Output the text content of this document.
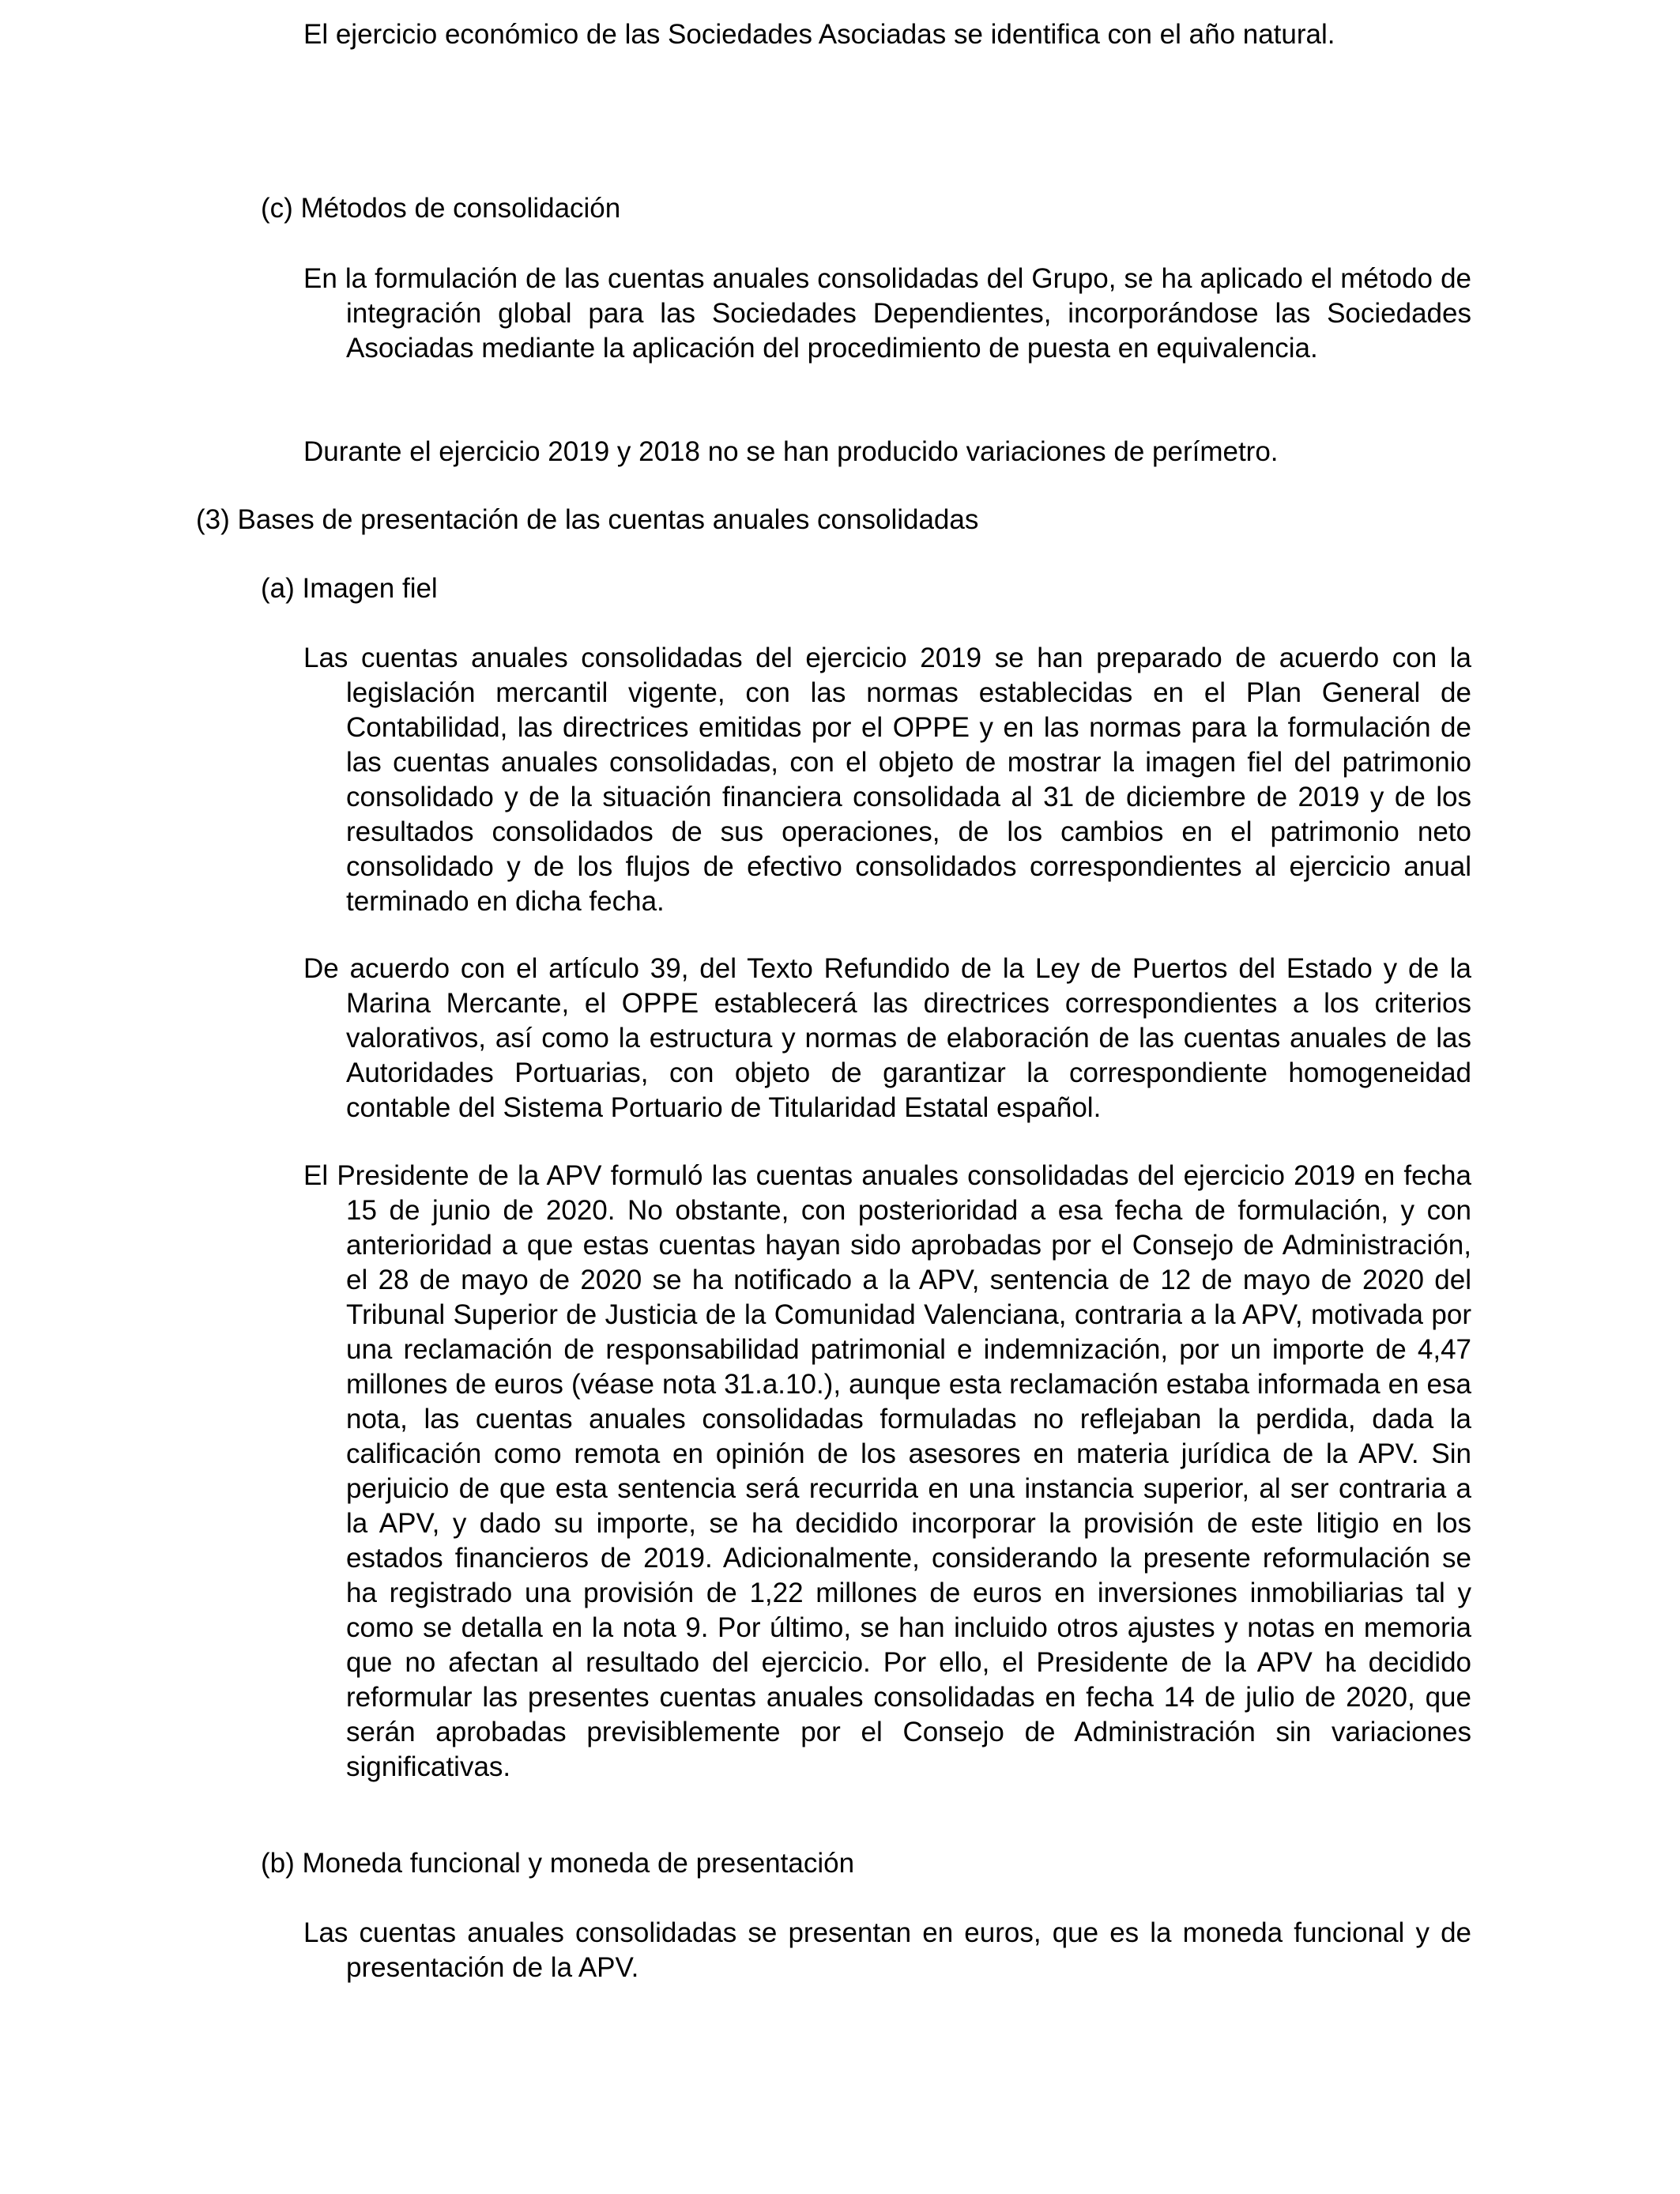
El ejercicio económico de las Sociedades Asociadas se identifica con el año natural.

(c) Métodos de consolidación

En la formulación de las cuentas anuales consolidadas del Grupo, se ha aplicado el método de integración global para las Sociedades Dependientes, incorporándose las Sociedades Asociadas mediante la aplicación del procedimiento de puesta en equivalencia.

Durante el ejercicio 2019 y 2018 no se han producido variaciones de perímetro.

(3) Bases de presentación de las cuentas anuales consolidadas

(a) Imagen fiel

Las cuentas anuales consolidadas del ejercicio 2019 se han preparado de acuerdo con la legislación mercantil vigente, con las normas establecidas en el Plan General de Contabilidad, las directrices emitidas por el OPPE y en las normas para la formulación de las cuentas anuales consolidadas, con el objeto de mostrar la imagen fiel del patrimonio consolidado y de la situación financiera consolidada al 31 de diciembre de 2019 y de los resultados consolidados de sus operaciones, de los cambios en el patrimonio neto consolidado y de los flujos de efectivo consolidados correspondientes al ejercicio anual terminado en dicha fecha.

De acuerdo con el artículo 39, del Texto Refundido de la Ley de Puertos del Estado y de la Marina Mercante, el OPPE establecerá las directrices correspondientes a los criterios valorativos, así como la estructura y normas de elaboración de las cuentas anuales de las Autoridades Portuarias, con objeto de garantizar la correspondiente homogeneidad contable del Sistema Portuario de Titularidad Estatal español.

El Presidente de la APV formuló las cuentas anuales consolidadas del ejercicio 2019 en fecha 15 de junio de 2020. No obstante, con posterioridad a esa fecha de formulación, y con anterioridad a que estas cuentas hayan sido aprobadas por el Consejo de Administración, el 28 de mayo de 2020 se ha notificado a la APV, sentencia de 12 de mayo de 2020 del Tribunal Superior de Justicia de la Comunidad Valenciana, contraria a la APV, motivada por una reclamación de responsabilidad patrimonial e indemnización, por un importe de 4,47 millones de euros (véase nota 31.a.10.), aunque esta reclamación estaba informada en esa nota, las cuentas anuales consolidadas formuladas no reflejaban la perdida, dada la calificación como remota en opinión de los asesores en materia jurídica de la APV. Sin perjuicio de que esta sentencia será recurrida en una instancia superior, al ser contraria a la APV, y dado su importe, se ha decidido incorporar la provisión de este litigio en los estados financieros de 2019. Adicionalmente, considerando la presente reformulación se ha registrado una provisión de 1,22 millones de euros en inversiones inmobiliarias tal y como se detalla en la nota 9. Por último, se han incluido otros ajustes y notas en memoria que no afectan al resultado del ejercicio. Por ello, el Presidente de la APV ha decidido reformular las presentes cuentas anuales consolidadas en fecha 14 de julio de 2020, que serán aprobadas previsiblemente por el Consejo de Administración sin variaciones significativas.

(b) Moneda funcional y moneda de presentación

Las cuentas anuales consolidadas se presentan en euros, que es la moneda funcional y de presentación de la APV.
